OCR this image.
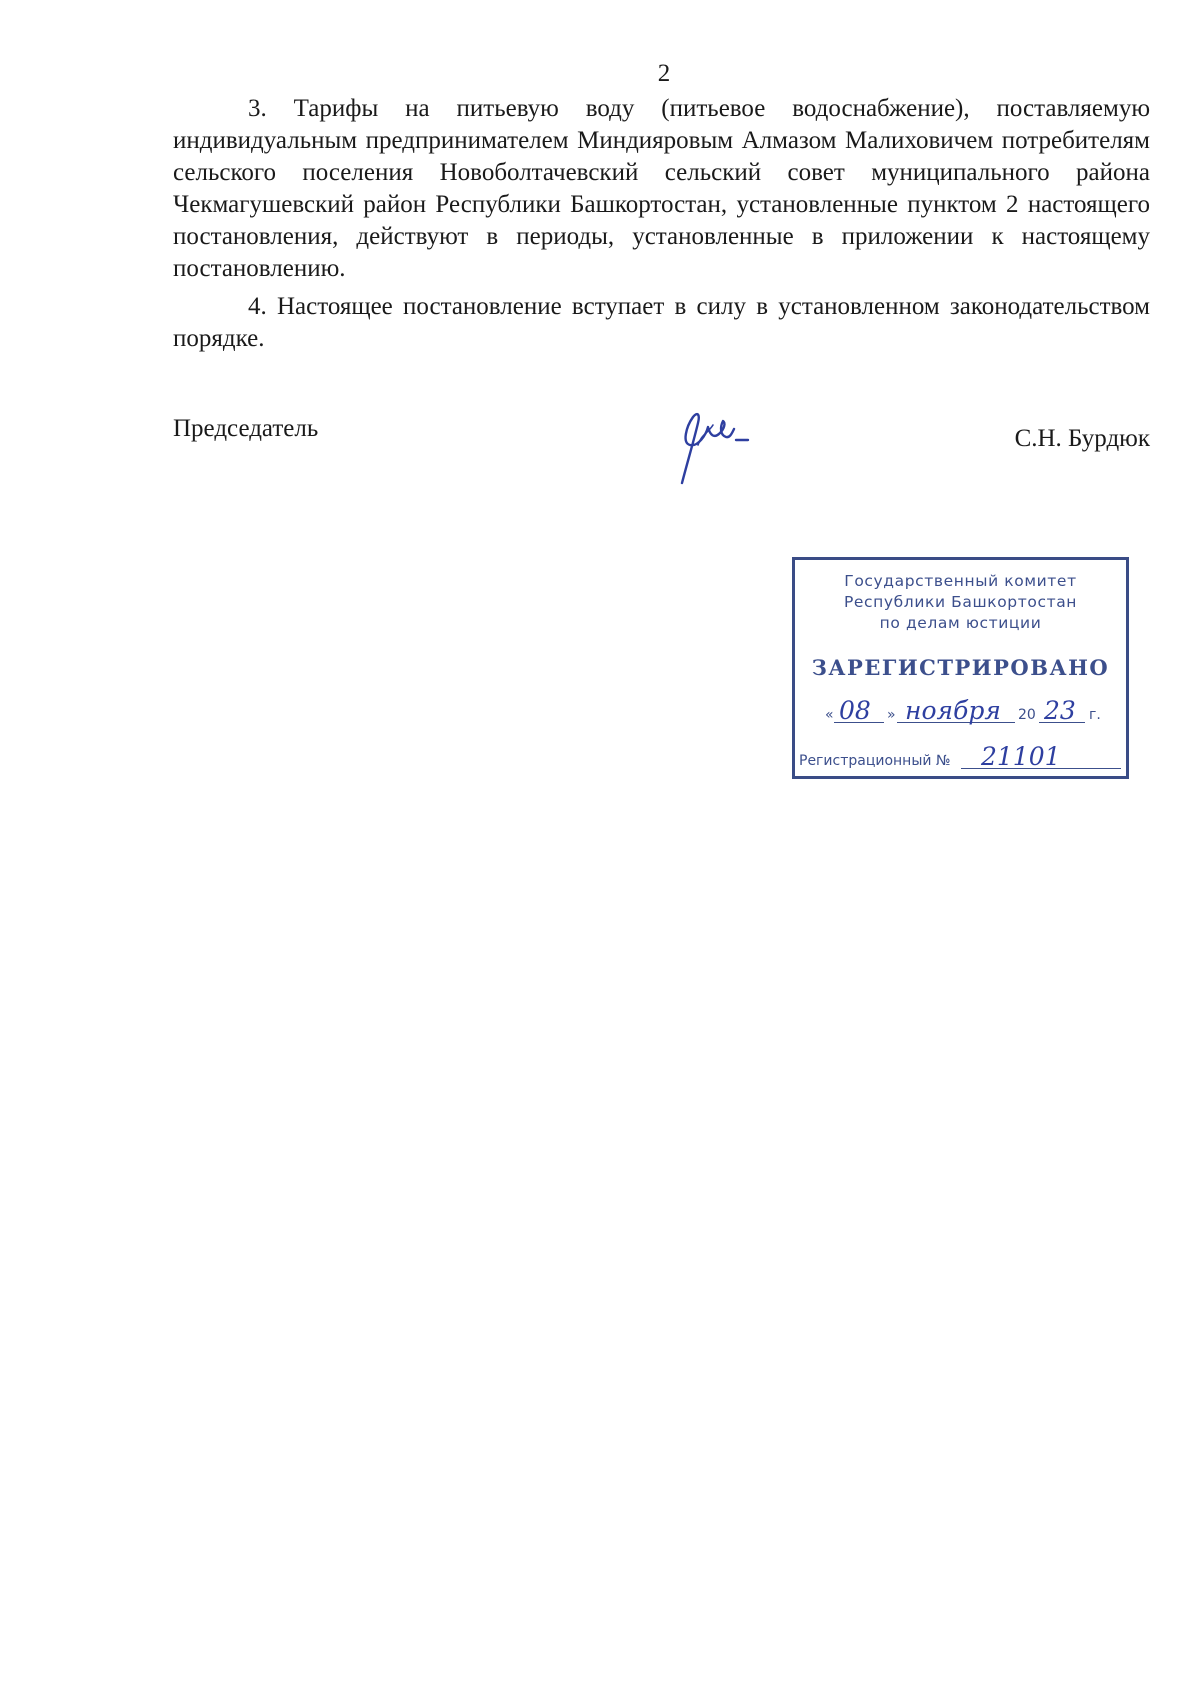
2

3. Тарифы на питьевую воду (питьевое водоснабжение), поставляемую индивидуальным предпринимателем Миндияровым Алмазом Малиховичем потребителям сельского поселения Новоболтачевский сельский совет муниципального района Чекмагушевский район Республики Башкортостан, установленные пунктом 2 настоящего постановления, действуют в периоды, установленные в приложении к настоящему постановлению.

4. Настоящее постановление вступает в силу в установленном законодательством порядке.

Председатель	С.Н. Бурдюк
Государственный комитет
Республики Башкортостан
по делам юстиции
ЗАРЕГИСТРИРОВАНО
« 08 » ноября 20 23 г.
Регистрационный № 21101
